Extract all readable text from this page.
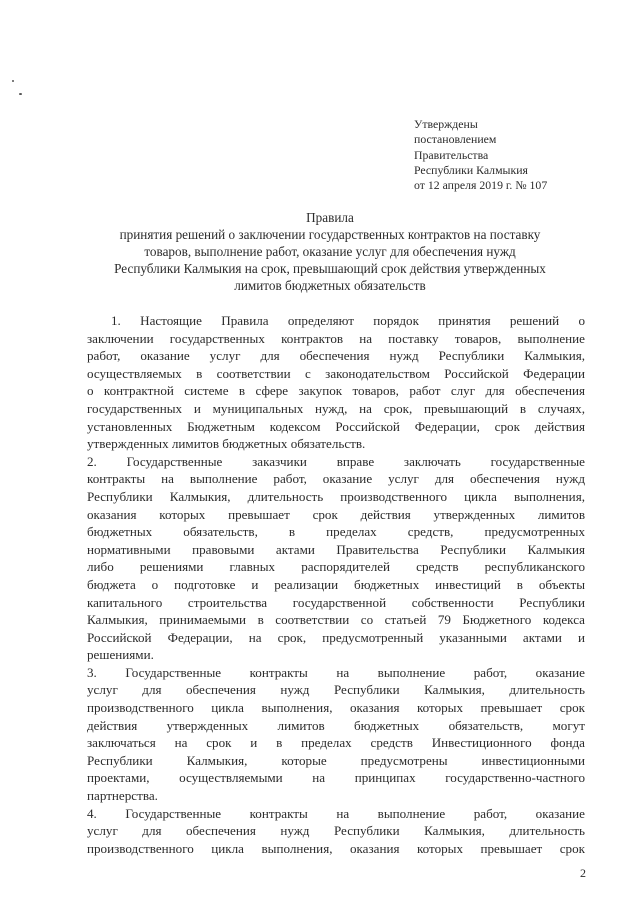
Утверждены
постановлением
Правительства
Республики Калмыкия
от 12 апреля 2019 г. № 107
Правила
принятия решений о заключении государственных контрактов на поставку
товаров, выполнение работ, оказание услуг для обеспечения нужд
Республики Калмыкия на срок, превышающий срок действия утвержденных
лимитов бюджетных обязательств
1. Настоящие Правила определяют порядок принятия решений о
заключении государственных контрактов на поставку товаров, выполнение
работ, оказание услуг для обеспечения нужд Республики Калмыкия,
осуществляемых в соответствии с законодательством Российской Федерации
о контрактной системе в сфере закупок товаров, работ слуг для обеспечения
государственных и муниципальных нужд, на срок, превышающий в случаях,
установленных Бюджетным кодексом Российской Федерации, срок действия
утвержденных лимитов бюджетных обязательств.
2. Государственные заказчики вправе заключать государственные
контракты на выполнение работ, оказание услуг для обеспечения нужд
Республики Калмыкия, длительность производственного цикла выполнения,
оказания которых превышает срок действия утвержденных лимитов
бюджетных обязательств, в пределах средств, предусмотренных
нормативными правовыми актами Правительства Республики Калмыкия
либо решениями главных распорядителей средств республиканского
бюджета о подготовке и реализации бюджетных инвестиций в объекты
капитального строительства государственной собственности Республики
Калмыкия, принимаемыми в соответствии со статьей 79 Бюджетного кодекса
Российской Федерации, на срок, предусмотренный указанными актами и
решениями.
3. Государственные контракты на выполнение работ, оказание
услуг для обеспечения нужд Республики Калмыкия, длительность
производственного цикла выполнения, оказания которых превышает срок
действия утвержденных лимитов бюджетных обязательств, могут
заключаться на срок и в пределах средств Инвестиционного фонда
Республики Калмыкия, которые предусмотрены инвестиционными
проектами, осуществляемыми на принципах государственно-частного
партнерства.
4. Государственные контракты на выполнение работ, оказание
услуг для обеспечения нужд Республики Калмыкия, длительность
производственного цикла выполнения, оказания которых превышает срок
2
